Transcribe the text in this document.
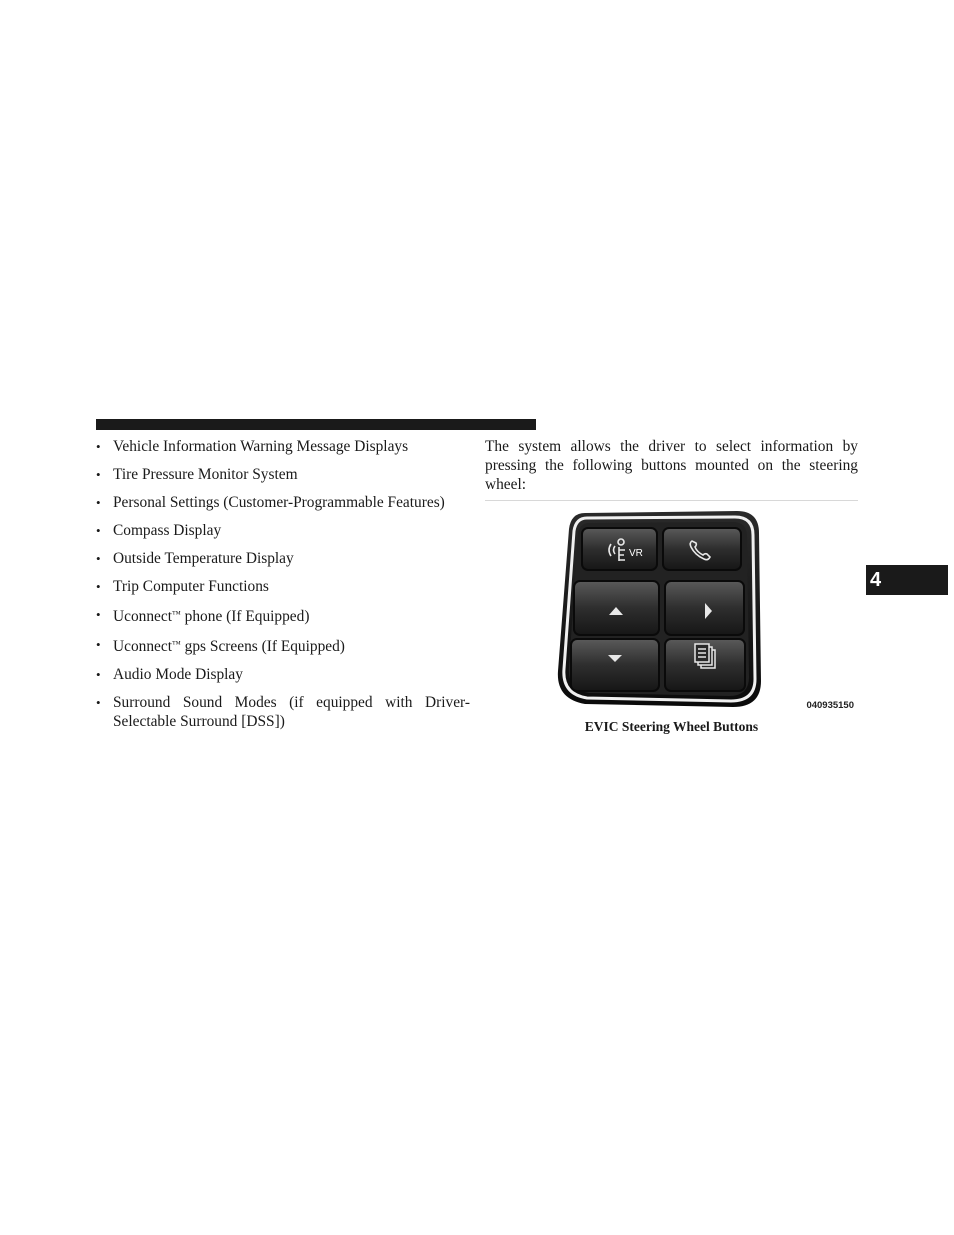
• Vehicle Information Warning Message Displays
• Tire Pressure Monitor System
• Personal Settings (Customer-Programmable Features)
• Compass Display
• Outside Temperature Display
• Trip Computer Functions
• Uconnect™ phone (If Equipped)
• Uconnect™ gps Screens (If Equipped)
• Audio Mode Display
• Surround Sound Modes (if equipped with Driver-Selectable Surround [DSS])

The system allows the driver to select information by pressing the following buttons mounted on the steering wheel:

VR
040935150
EVIC Steering Wheel Buttons
4
